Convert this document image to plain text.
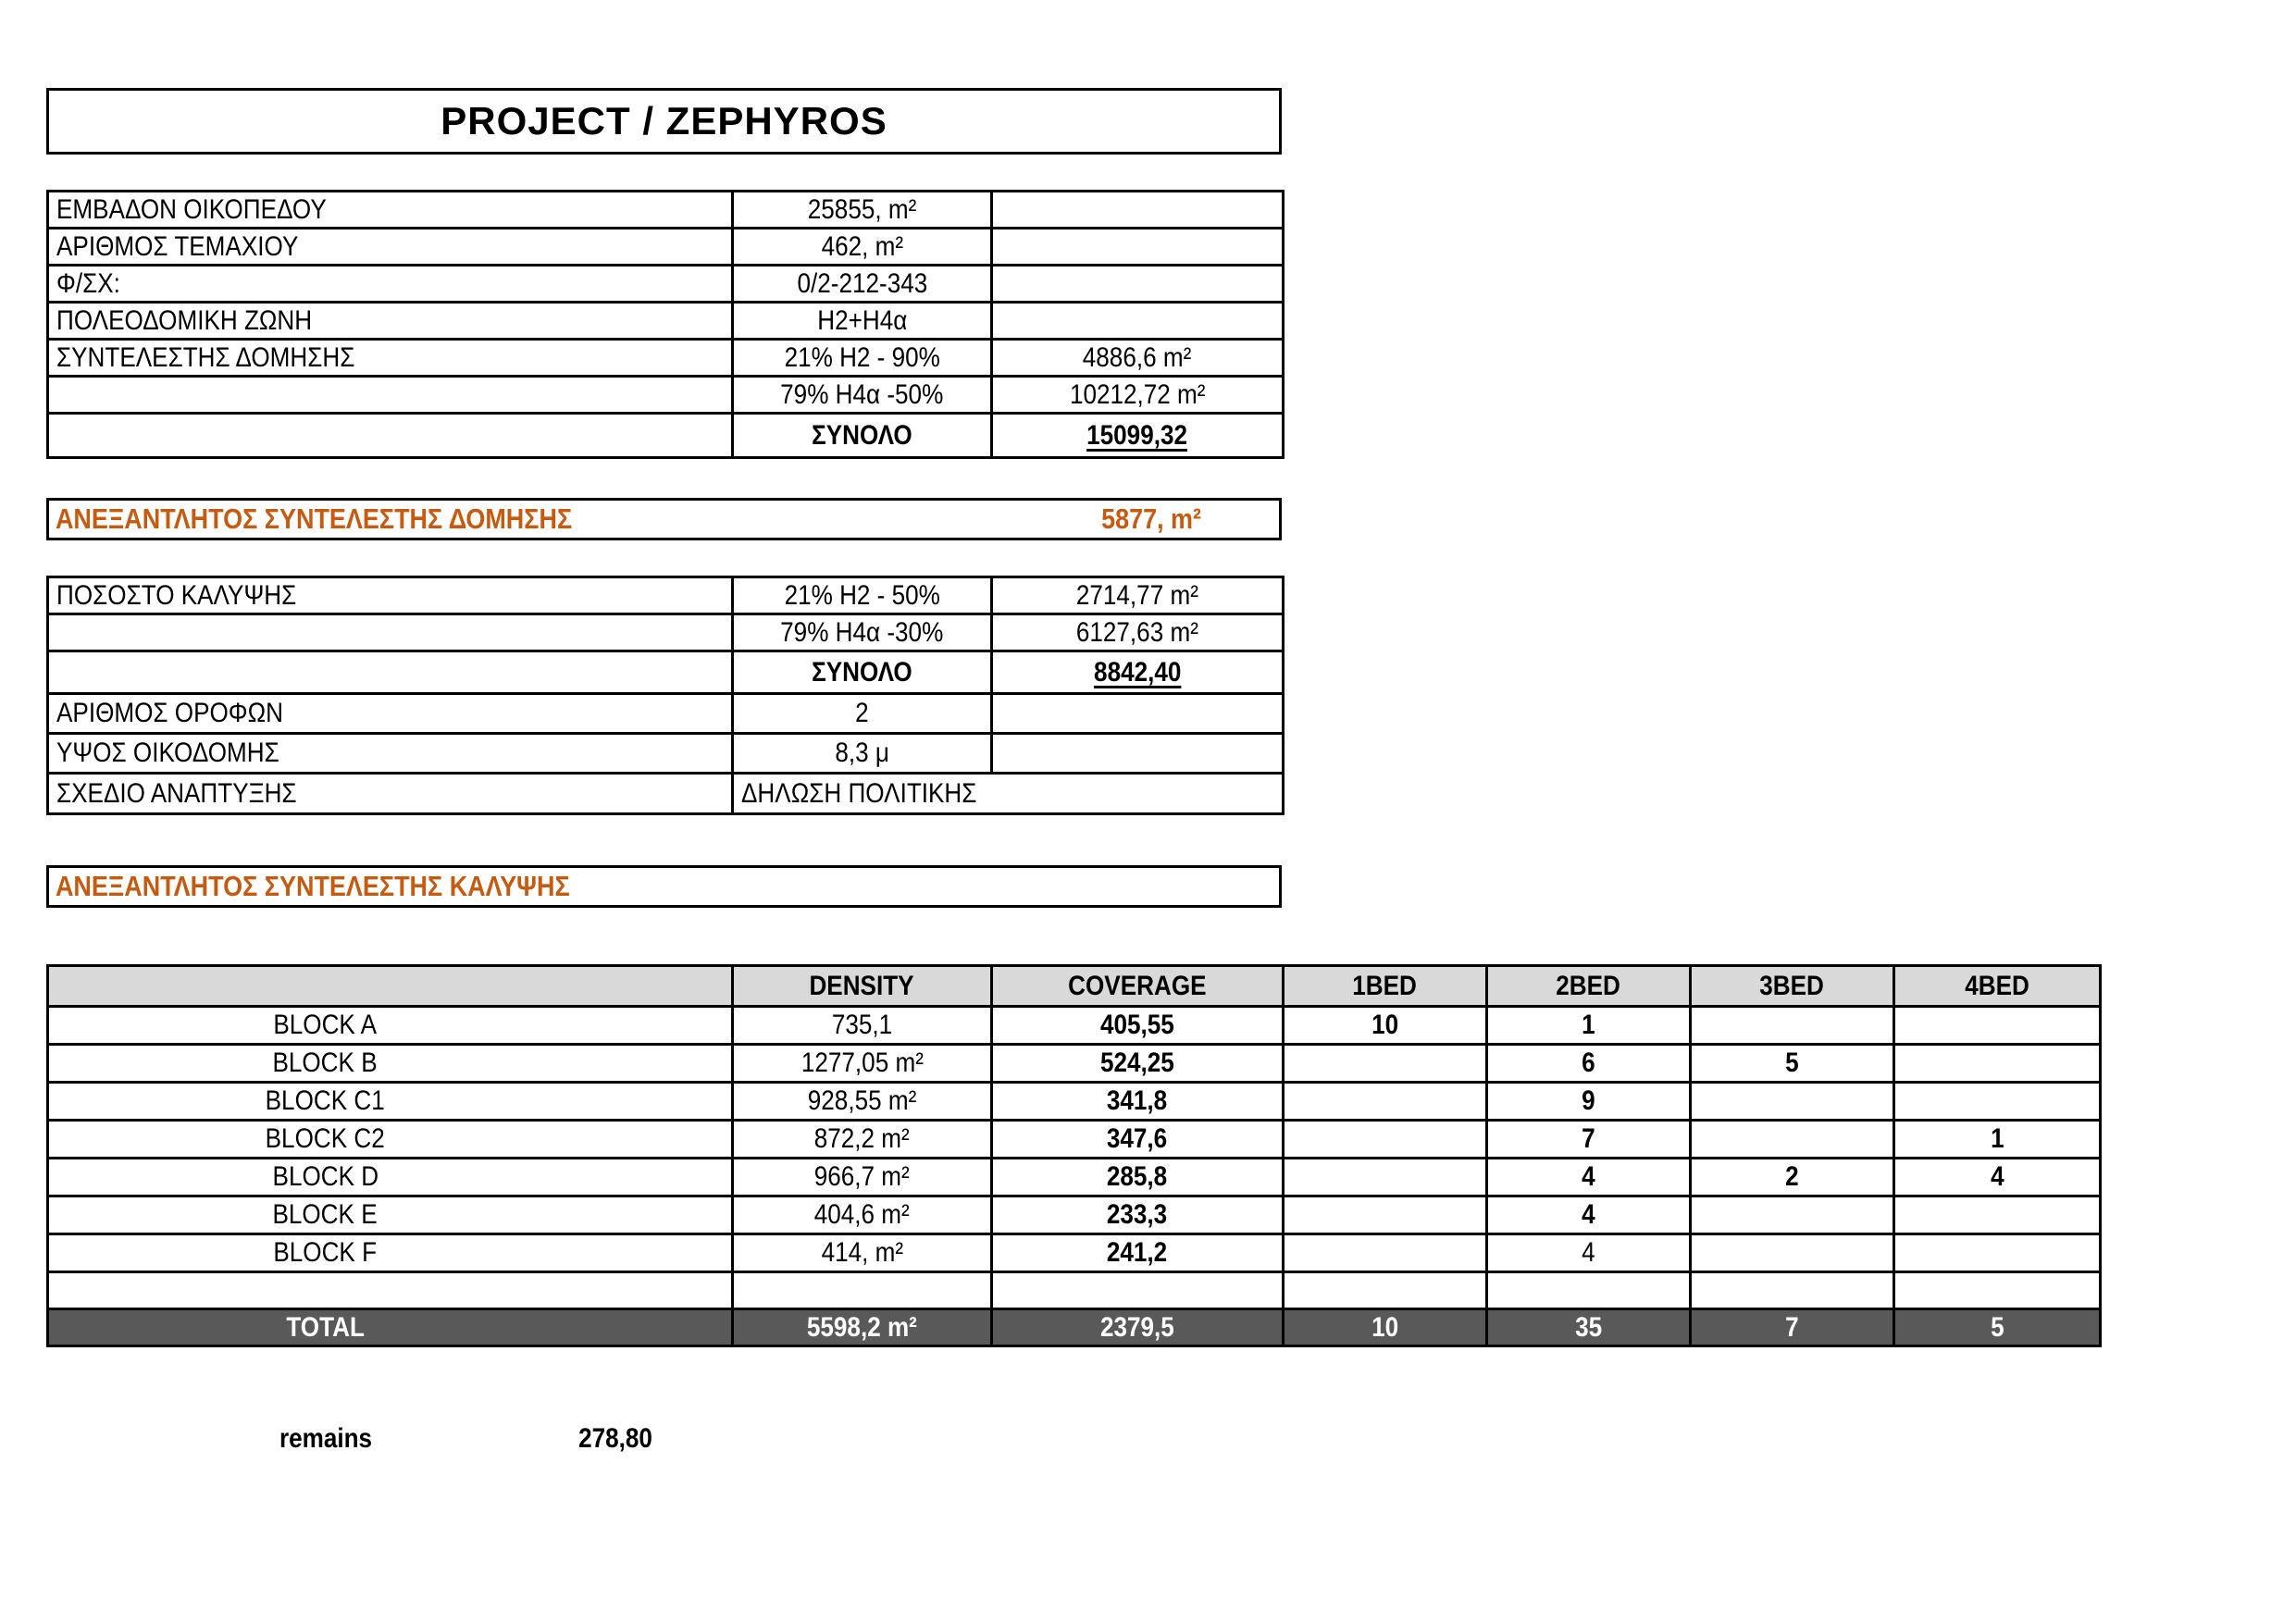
PROJECT / ZEPHYROS
ΕΜΒΑΔΟΝ ΟΙΚΟΠΕΔΟΥ	25855, m²	
ΑΡΙΘΜΟΣ ΤΕΜΑΧΙΟΥ	462, m²	
Φ/ΣΧ:	0/2-212-343	
ΠΟΛΕΟΔΟΜΙΚΗ ΖΩΝΗ	H2+H4α	
ΣΥΝΤΕΛΕΣΤΗΣ ΔΟΜΗΣΗΣ	21% H2 - 90%	4886,6 m²
	79% H4α -50%	10212,72 m²
	ΣΥΝΟΛΟ	15099,32
ΑΝΕΞΑΝΤΛΗΤΟΣ ΣΥΝΤΕΛΕΣΤΗΣ ΔΟΜΗΣΗΣ	5877, m²
ΠΟΣΟΣΤΟ ΚΑΛΥΨΗΣ	21% H2 - 50%	2714,77 m²
	79% H4α -30%	6127,63 m²
	ΣΥΝΟΛΟ	8842,40
ΑΡΙΘΜΟΣ ΟΡΟΦΩΝ	2	
ΥΨΟΣ ΟΙΚΟΔΟΜΗΣ	8,3 μ	
ΣΧΕΔΙΟ ΑΝΑΠΤΥΞΗΣ	ΔΗΛΩΣΗ ΠΟΛΙΤΙΚΗΣ	
ΑΝΕΞΑΝΤΛΗΤΟΣ ΣΥΝΤΕΛΕΣΤΗΣ ΚΑΛΥΨΗΣ
	DENSITY	COVERAGE	1BED	2BED	3BED	4BED
BLOCK A	735,1	405,55	10	1		
BLOCK B	1277,05 m²	524,25		6	5	
BLOCK C1	928,55 m²	341,8		9		
BLOCK C2	872,2 m²	347,6		7		1
BLOCK D	966,7 m²	285,8		4	2	4
BLOCK E	404,6 m²	233,3		4		
BLOCK F	414, m²	241,2		4		

TOTAL	5598,2 m²	2379,5	10	35	7	5
remains	278,80
